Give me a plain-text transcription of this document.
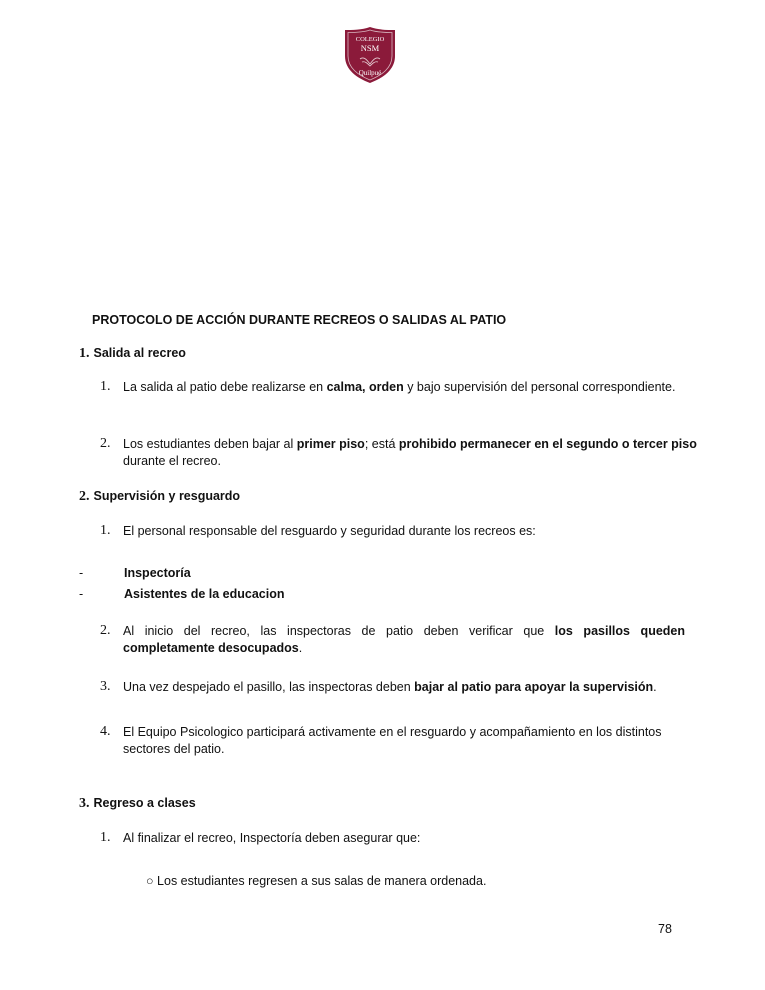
COLEGIO
NSM
Quilpué
PROTOCOLO DE ACCIÓN DURANTE RECREOS O SALIDAS AL PATIO
1. Salida al recreo
1. La salida al patio debe realizarse en calma, orden y bajo supervisión del personal correspondiente.
2. Los estudiantes deben bajar al primer piso; está prohibido permanecer en el segundo o tercer piso durante el recreo.
2. Supervisión y resguardo
1. El personal responsable del resguardo y seguridad durante los recreos es:
-	Inspectoría
-	Asistentes de la educacion
2. Al inicio del recreo, las inspectoras de patio deben verificar que los pasillos queden completamente desocupados.
3. Una vez despejado el pasillo, las inspectoras deben bajar al patio para apoyar la supervisión.
4. El Equipo Psicologico participará activamente en el resguardo y acompañamiento en los distintos sectores del patio.
3. Regreso a clases
1. Al finalizar el recreo, Inspectoría deben asegurar que:
○ Los estudiantes regresen a sus salas de manera ordenada.
78
